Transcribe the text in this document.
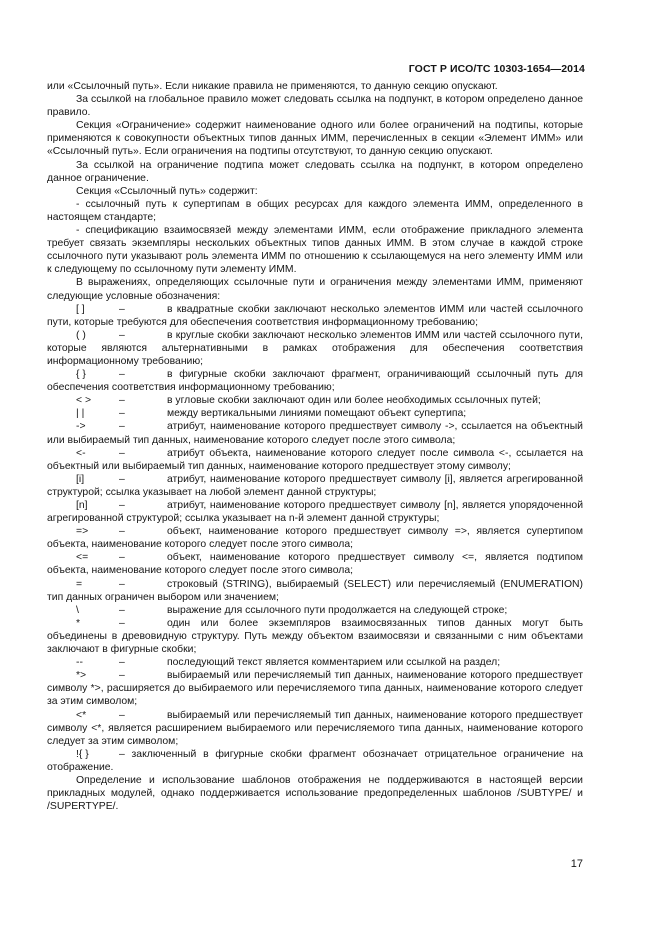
ГОСТ Р ИСО/ТС 10303-1654—2014

или «Ссылочный путь». Если никакие правила не применяются, то данную секцию опускают.

За ссылкой на глобальное правило может следовать ссылка на подпункт, в котором определено данное правило.

Секция «Ограничение» содержит наименование одного или более ограничений на подтипы, которые применяются к совокупности объектных типов данных ИММ, перечисленных в секции «Элемент ИММ» или «Ссылочный путь». Если ограничения на подтипы отсутствуют, то данную секцию опускают.

За ссылкой на ограничение подтипа может следовать ссылка на подпункт, в котором определено данное ограничение.

Секция «Ссылочный путь» содержит:

- ссылочный путь к супертипам в общих ресурсах для каждого элемента ИММ, определенного в настоящем стандарте;

- спецификацию взаимосвязей между элементами ИММ, если отображение прикладного элемента требует связать экземпляры нескольких объектных типов данных ИММ. В этом случае в каждой строке ссылочного пути указывают роль элемента ИММ по отношению к ссылающемуся на него элементу ИММ или к следующему по ссылочному пути элементу ИММ.

В выражениях, определяющих ссылочные пути и ограничения между элементами ИММ, применяют следующие условные обозначения:

[ ]	–	в квадратные скобки заключают несколько элементов ИММ или частей ссылочного пути, которые требуются для обеспечения соответствия информационному требованию;

( )	–	в круглые скобки заключают несколько элементов ИММ или частей ссылочного пути, которые являются альтернативными в рамках отображения для обеспечения соответствия информационному требованию;

{ }	–	в фигурные скобки заключают фрагмент, ограничивающий ссылочный путь для обеспечения соответствия информационному требованию;

< >	–	в угловые скобки заключают один или более необходимых ссылочных путей;

| |	–	между вертикальными линиями помещают объект супертипа;

->	–	атрибут, наименование которого предшествует символу ->, ссылается на объектный или выбираемый тип данных, наименование которого следует после этого символа;

<-	–	атрибут объекта, наименование которого следует после символа <-, ссылается на объектный или выбираемый тип данных, наименование которого предшествует этому символу;

[i]	–	атрибут, наименование которого предшествует символу [i], является агрегированной структурой; ссылка указывает на любой элемент данной структуры;

[n]	–	атрибут, наименование которого предшествует символу [n], является упорядоченной агрегированной структурой; ссылка указывает на n-й элемент данной структуры;

=>	–	объект, наименование которого предшествует символу =>, является супертипом объекта, наименование которого следует после этого символа;

<=	–	объект, наименование которого предшествует символу <=, является подтипом объекта, наименование которого следует после этого символа;

=	–	строковый (STRING), выбираемый (SELECT) или перечисляемый (ENUMERATION) тип данных ограничен выбором или значением;

\	–	выражение для ссылочного пути продолжается на следующей строке;

*	–	один или более экземпляров взаимосвязанных типов данных могут быть объединены в древовидную структуру. Путь между объектом взаимосвязи и связанными с ним объектами заключают в фигурные скобки;

--	–	последующий текст является комментарием или ссылкой на раздел;

*>	–	выбираемый или перечисляемый тип данных, наименование которого предшествует символу *>, расширяется до выбираемого или перечисляемого типа данных, наименование которого следует за этим символом;

<*	–	выбираемый или перечисляемый тип данных, наименование которого предшествует символу <*, является расширением выбираемого или перечисляемого типа данных, наименование которого следует за этим символом;

!{ }	– заключенный в фигурные скобки фрагмент обозначает отрицательное ограничение на отображение.

Определение и использование шаблонов отображения не поддерживаются в настоящей версии прикладных модулей, однако поддерживается использование предопределенных шаблонов /SUBTYPE/ и /SUPERTYPE/.

17
